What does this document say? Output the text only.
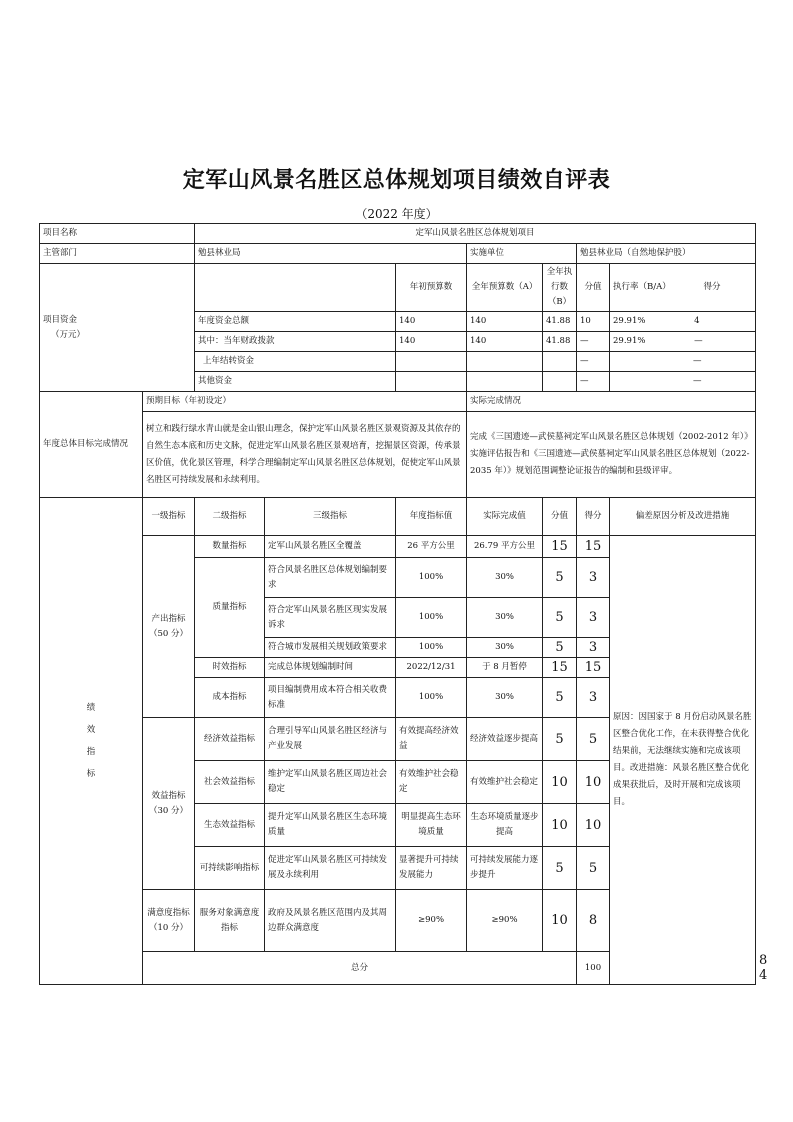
定军山风景名胜区总体规划项目绩效自评表
（2022 年度）
项目名称		定军山风景名胜区总体规划项目							
主管部门		勉县林业局			实施单位		勉县林业局（自然地保护股）		

项目资金
（万元）				年初预算数	全年预算数（A）	全年执行数（B）	分值	执行率（B/A） 得分	
		年度资金总额		140	140	41.88	10	29.91% 4	
		其中：当年财政拨款		140	140	41.88	—	29.91% —	
		上年结转资金					—	—	
		其他资金					—	—	
年度总体目标完成情况	预期目标（年初设定）				实际完成情况				
	树立和践行绿水青山就是金山银山理念，保护定军山风景名胜区景观资源及其依存的自然生态本底和历史文脉，促进定军山风景名胜区景观培育，挖掘景区资源，传承景区价值，优化景区管理，科学合理编制定军山风景名胜区总体规划，促使定军山风景名胜区可持续发展和永续利用。				完成《三国遗迹—武侯墓祠定军山风景名胜区总体规划（2002-2012 年）》实施评估报告和《三国遗迹—武侯墓祠定军山风景名胜区总体规划（2022-2035 年）》规划范围调整论证报告的编制和县级评审。				

绩
效
指
标	一级指标	二级指标	三级指标	年度指标值	实际完成值	分值	得分	偏差原因分析及改进措施	
	产出指标（50 分）	数量指标	定军山风景名胜区全覆盖	26 平方公里	26.79 平方公里	15	15	原因：因国家于 8 月份启动风景名胜区整合优化工作，在未获得整合优化结果前，无法继续实施和完成该项目。改进措施：风景名胜区整合优化成果获批后，及时开展和完成该项目。	
		质量指标	符合风景名胜区总体规划编制要求	100%	30%	5	3		
			符合定军山风景名胜区现实发展诉求	100%	30%	5	3		
			符合城市发展相关规划政策要求	100%	30%	5	3		
		时效指标	完成总体规划编制时间	2022/12/31	于 8 月暂停	15	15		
		成本指标	项目编制费用成本符合相关收费标准	100%	30%	5	3		
	效益指标（30 分）	经济效益指标	合理引导军山风景名胜区经济与产业发展	有效提高经济效益	经济效益逐步提高	5	5		
		社会效益指标	维护定军山风景名胜区周边社会稳定	有效维护社会稳定	有效维护社会稳定	10	10		
		生态效益指标	提升定军山风景名胜区生态环境质量	明显提高生态环境质量	生态环境质量逐步提高	10	10		
		可持续影响指标	促进定军山风景名胜区可持续发展及永续利用	显著提升可持续发展能力	可持续发展能力逐步提升	5	5		
	满意度指标（10 分）	服务对象满意度指标	政府及风景名胜区范围内及其周边群众满意度	≥90%	≥90%	10	8		
	总分						100		84	
